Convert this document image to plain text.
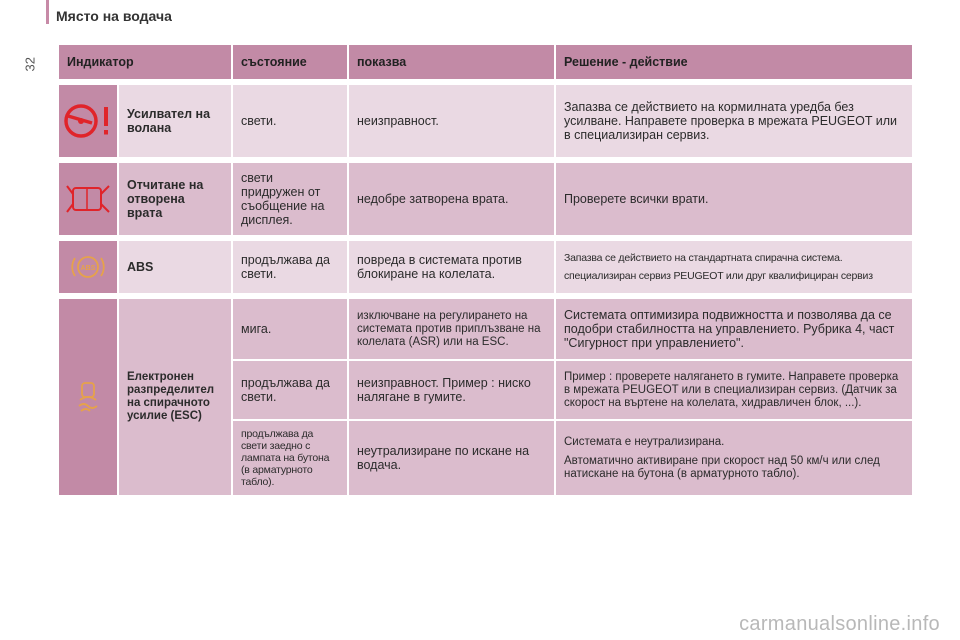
32
Място на водача
Индикатор		състояние	показва	Решение - действие

	Усилвател на волана	свети.	неизправност.	Запазва се действието на кормилната уредба без усилване. Направете проверка в мрежата PEUGEOT или в специализиран сервиз.

	Отчитане на отворена врата	свети придружен от съобщение на дисплея.	недобре затворена врата.	Проверете всички врати.

ABS	ABS	продължава да свети.	повреда в системата против блокиране на колелата.	Запазва се действието на стандартната спирачна система.

специализиран сервиз PEUGEOT или друг квалифициран сервиз

	Електронен разпределител на спирачното усилие (ESC)	мига.	изключване на регулирането на системата против приплъзване на колелата (ASR) или на ESC.	Системата оптимизира подвижността и позволява да се подобри стабилността на управлението. Рубрика 4, част "Сигурност при управлението".
		продължава да свети.	неизправност. Пример : ниско налягане в гумите.	Пример : проверете налягането в гумите. Направете проверка в мрежата PEUGEOT или в специализиран сервиз. (Датчик за скорост на въртене на колелата, хидравличен блок, ...).
		продължава да свети заедно с лампата на бутона (в арматурното табло).	неутрализиране по искане на водача.	Системата е неутрализирана.

Автоматично активиране при скорост над 50 км/ч или след натискане на бутона (в арматурното табло).

carmanualsonline.info
